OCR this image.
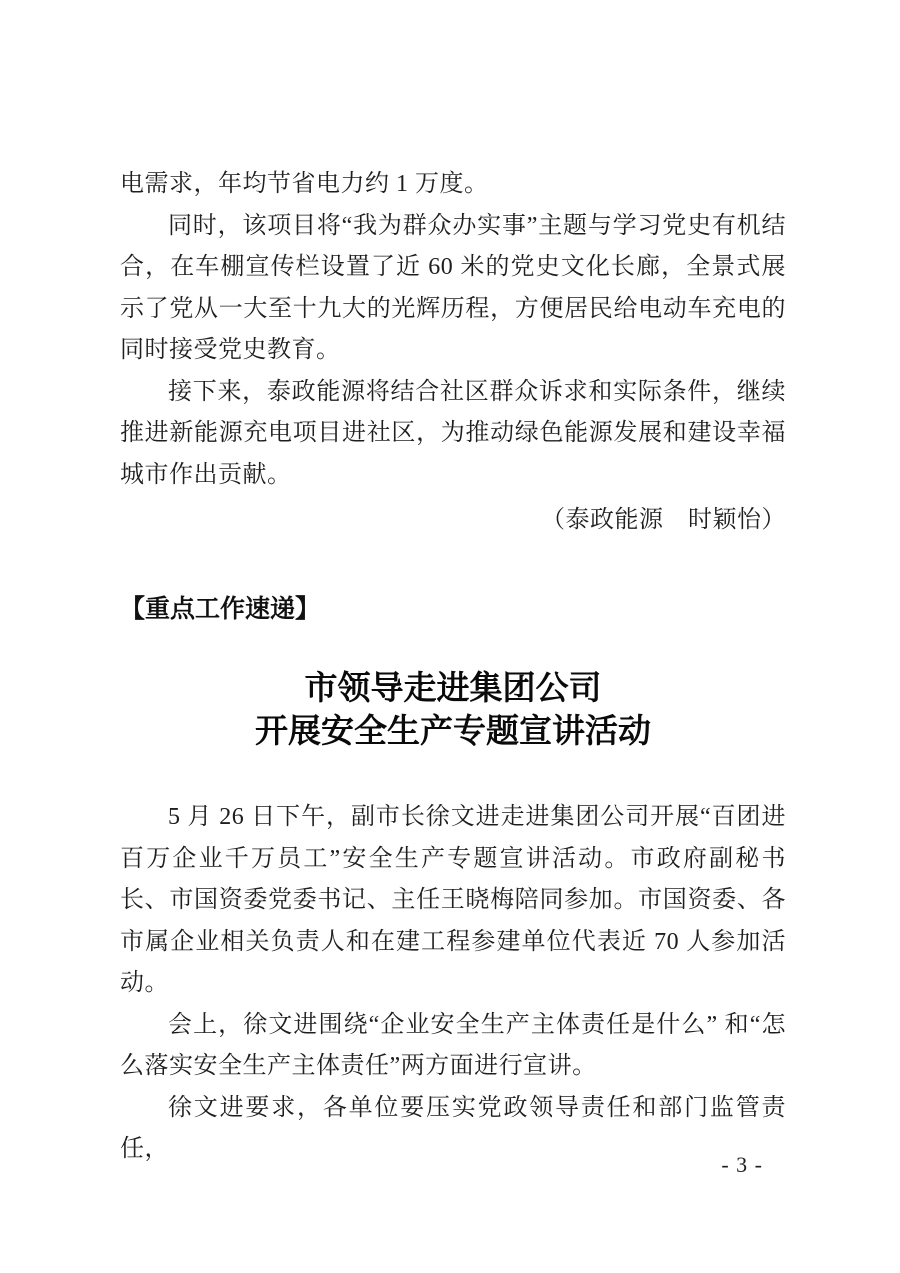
电需求，年均节省电力约 1 万度。

同时，该项目将“我为群众办实事”主题与学习党史有机结合，在车棚宣传栏设置了近 60 米的党史文化长廊，全景式展示了党从一大至十九大的光辉历程，方便居民给电动车充电的同时接受党史教育。

接下来，泰政能源将结合社区群众诉求和实际条件，继续推进新能源充电项目进社区，为推动绿色能源发展和建设幸福城市作出贡献。

（泰政能源　时颖怡）

【重点工作速递】
市领导走进集团公司
开展安全生产专题宣讲活动

5 月 26 日下午，副市长徐文进走进集团公司开展“百团进百万企业千万员工”安全生产专题宣讲活动。市政府副秘书长、市国资委党委书记、主任王晓梅陪同参加。市国资委、各市属企业相关负责人和在建工程参建单位代表近 70 人参加活动。

会上，徐文进围绕“企业安全生产主体责任是什么” 和“怎么落实安全生产主体责任”两方面进行宣讲。

徐文进要求，各单位要压实党政领导责任和部门监管责任，

- 3 -
